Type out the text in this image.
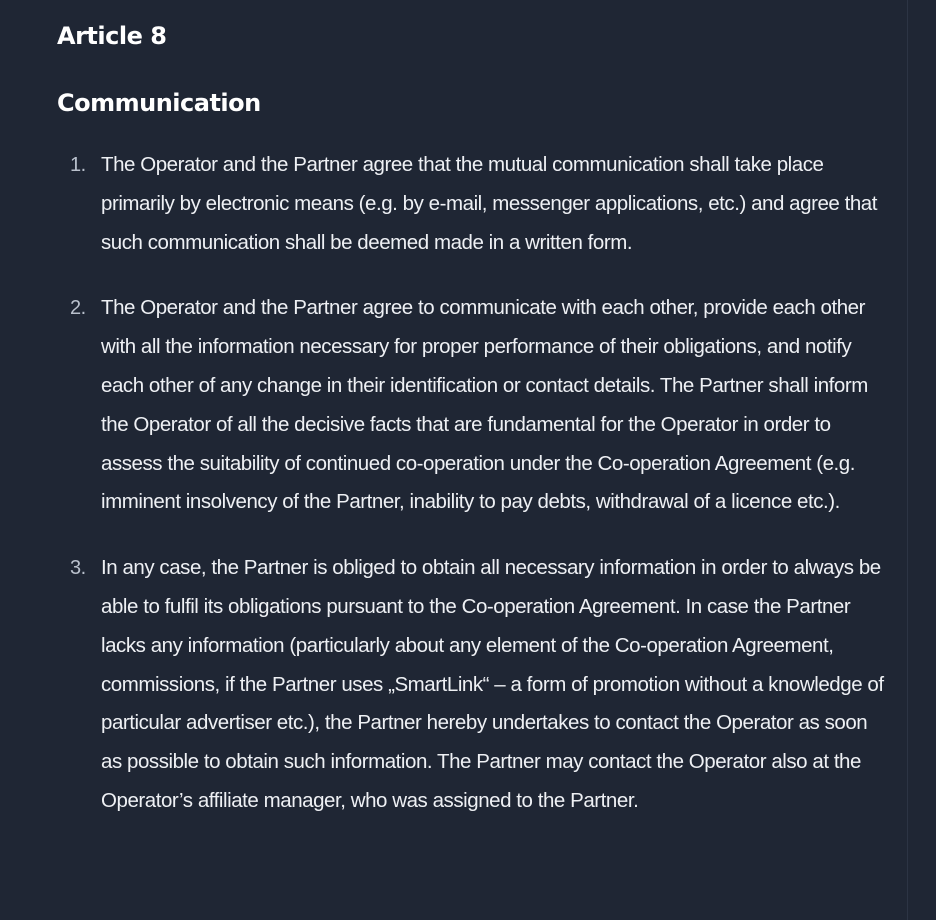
Article 8
Communication
1. The Operator and the Partner agree that the mutual communication shall take place primarily by electronic means (e.g. by e-mail, messenger applications, etc.) and agree that such communication shall be deemed made in a written form.
2. The Operator and the Partner agree to communicate with each other, provide each other with all the information necessary for proper performance of their obligations, and notify each other of any change in their identification or contact details. The Partner shall inform the Operator of all the decisive facts that are fundamental for the Operator in order to assess the suitability of continued co-operation under the Co-operation Agreement (e.g. imminent insolvency of the Partner, inability to pay debts, withdrawal of a licence etc.).
3. In any case, the Partner is obliged to obtain all necessary information in order to always be able to fulfil its obligations pursuant to the Co-operation Agreement. In case the Partner lacks any information (particularly about any element of the Co-operation Agreement, commissions, if the Partner uses „SmartLink“ – a form of promotion without a knowledge of particular advertiser etc.), the Partner hereby undertakes to contact the Operator as soon as possible to obtain such information. The Partner may contact the Operator also at the Operator’s affiliate manager, who was assigned to the Partner.
